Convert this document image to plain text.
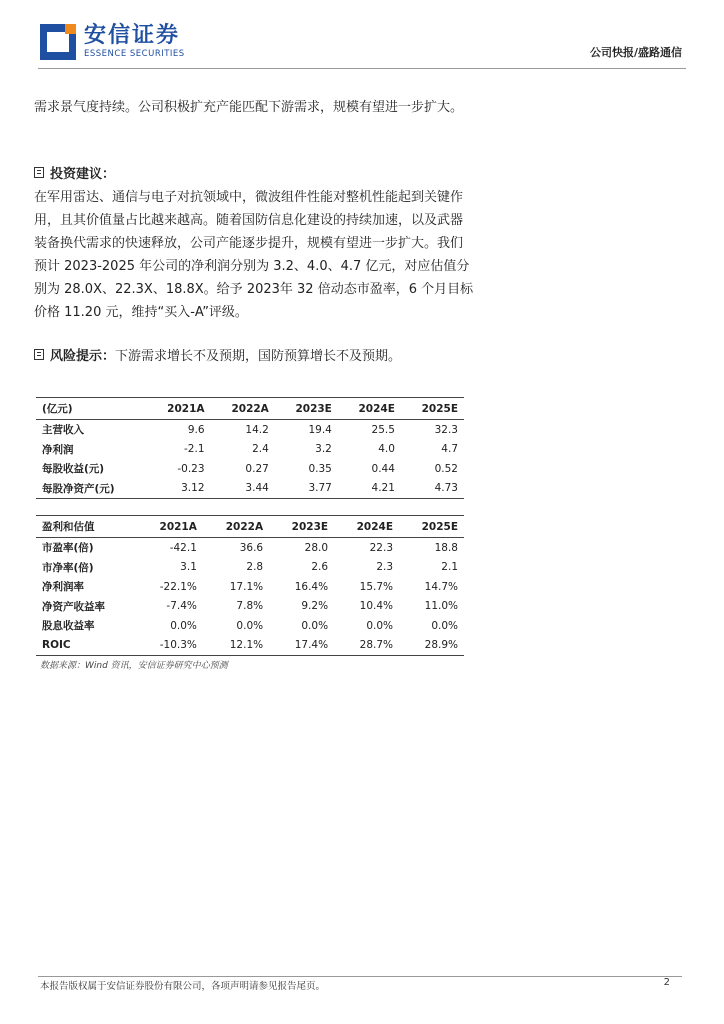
安信证券
ESSENCE SECURITIES	公司快报/盛路通信

需求景气度持续。公司积极扩充产能匹配下游需求，规模有望进一步扩大。

投资建议：

在军用雷达、通信与电子对抗领域中，微波组件性能对整机性能起到关键作用，且其价值量占比越来越高。随着国防信息化建设的持续加速，以及武器装备换代需求的快速释放，公司产能逐步提升，规模有望进一步扩大。我们预计 2023-2025 年公司的净利润分别为 3.2、4.0、4.7 亿元，对应估值分别为 28.0X、22.3X、18.8X。给予 2023年 32 倍动态市盈率，6 个月目标价格 11.20 元，维持“买入-A”评级。

风险提示： 下游需求增长不及预期，国防预算增长不及预期。
(亿元)	2021A	2022A	2023E	2024E	2025E
主营收入	9.6	14.2	19.4	25.5	32.3
净利润	-2.1	2.4	3.2	4.0	4.7
每股收益(元)	-0.23	0.27	0.35	0.44	0.52
每股净资产(元)	3.12	3.44	3.77	4.21	4.73
盈利和估值	2021A	2022A	2023E	2024E	2025E
市盈率(倍)	-42.1	36.6	28.0	22.3	18.8
市净率(倍)	3.1	2.8	2.6	2.3	2.1
净利润率	-22.1%	17.1%	16.4%	15.7%	14.7%
净资产收益率	-7.4%	7.8%	9.2%	10.4%	11.0%
股息收益率	0.0%	0.0%	0.0%	0.0%	0.0%
ROIC	-10.3%	12.1%	17.4%	28.7%	28.9%
数据来源：Wind 资讯，安信证券研究中心预测
本报告版权属于安信证券股份有限公司，各项声明请参见报告尾页。	2
